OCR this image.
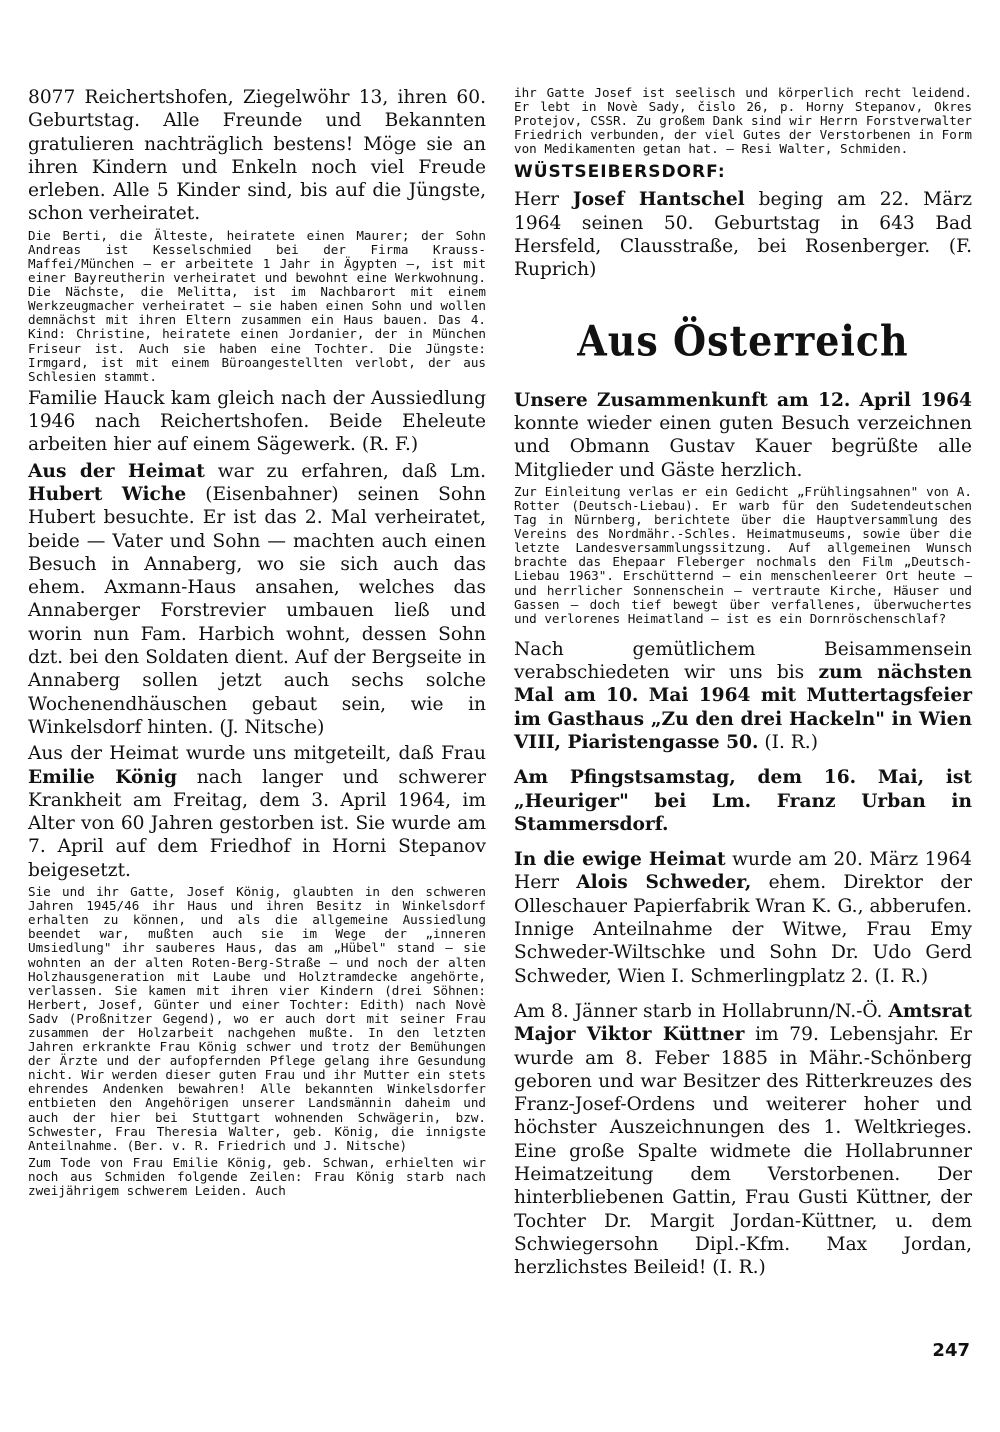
8077 Reichertshofen, Ziegelwöhr 13, ihren 60. Geburtstag. Alle Freunde und Bekannten gratulieren nachträglich bestens! Möge sie an ihren Kindern und Enkeln noch viel Freude erleben. Alle 5 Kinder sind, bis auf die Jüngste, schon verheiratet.

Die Berti, die Älteste, heiratete einen Maurer; der Sohn Andreas ist Kesselschmied bei der Firma Krauss-Maffei/München — er arbeitete 1 Jahr in Ägypten —, ist mit einer Bayreutherin verheiratet und bewohnt eine Werkwohnung. Die Nächste, die Melitta, ist im Nachbarort mit einem Werkzeugmacher verheiratet — sie haben einen Sohn und wollen demnächst mit ihren Eltern zusammen ein Haus bauen. Das 4. Kind: Christine, heiratete einen Jordanier, der in München Friseur ist. Auch sie haben eine Tochter. Die Jüngste: Irmgard, ist mit einem Büroangestellten verlobt, der aus Schlesien stammt.

Familie Hauck kam gleich nach der Aussiedlung 1946 nach Reichertshofen. Beide Eheleute arbeiten hier auf einem Sägewerk. (R. F.)

Aus der Heimat war zu erfahren, daß Lm. Hubert Wiche (Eisenbahner) seinen Sohn Hubert besuchte. Er ist das 2. Mal verheiratet, beide — Vater und Sohn — machten auch einen Besuch in Annaberg, wo sie sich auch das ehem. Axmann-Haus ansahen, welches das Annaberger Forstrevier umbauen ließ und worin nun Fam. Harbich wohnt, dessen Sohn dzt. bei den Soldaten dient. Auf der Bergseite in Annaberg sollen jetzt auch sechs solche Wochenendhäuschen gebaut sein, wie in Winkelsdorf hinten. (J. Nitsche)

Aus der Heimat wurde uns mitgeteilt, daß Frau Emilie König nach langer und schwerer Krankheit am Freitag, dem 3. April 1964, im Alter von 60 Jahren gestorben ist. Sie wurde am 7. April auf dem Friedhof in Horni Stepanov beigesetzt.

Sie und ihr Gatte, Josef König, glaubten in den schweren Jahren 1945/46 ihr Haus und ihren Besitz in Winkelsdorf erhalten zu können, und als die allgemeine Aussiedlung beendet war, mußten auch sie im Wege der „inneren Umsiedlung" ihr sauberes Haus, das am „Hübel" stand — sie wohnten an der alten Roten-Berg-Straße — und noch der alten Holzhausgeneration mit Laube und Holztramdecke angehörte, verlassen. Sie kamen mit ihren vier Kindern (drei Söhnen: Herbert, Josef, Günter und einer Tochter: Edith) nach Novè Sadv (Proßnitzer Gegend), wo er auch dort mit seiner Frau zusammen der Holzarbeit nachgehen mußte. In den letzten Jahren erkrankte Frau König schwer und trotz der Bemühungen der Ärzte und der aufopfernden Pflege gelang ihre Gesundung nicht. Wir werden dieser guten Frau und ihr Mutter ein stets ehrendes Andenken bewahren! Alle bekannten Winkelsdorfer entbieten den Angehörigen unserer Landsmännin daheim und auch der hier bei Stuttgart wohnenden Schwägerin, bzw. Schwester, Frau Theresia Walter, geb. König, die innigste Anteilnahme. (Ber. v. R. Friedrich und J. Nitsche)

Zum Tode von Frau Emilie König, geb. Schwan, erhielten wir noch aus Schmiden folgende Zeilen: Frau König starb nach zweijährigem schwerem Leiden. Auch

ihr Gatte Josef ist seelisch und körperlich recht leidend. Er lebt in Novè Sady, čislo 26, p. Horny Stepanov, Okres Protejov, CSSR. Zu großem Dank sind wir Herrn Forstverwalter Friedrich verbunden, der viel Gutes der Verstorbenen in Form von Medikamenten getan hat. — Resi Walter, Schmiden.

WÜSTSEIBERSDORF:

Herr Josef Hantschel beging am 22. März 1964 seinen 50. Geburtstag in 643 Bad Hersfeld, Clausstraße, bei Rosenberger. (F. Ruprich)

Aus Österreich

Unsere Zusammenkunft am 12. April 1964 konnte wieder einen guten Besuch verzeichnen und Obmann Gustav Kauer begrüßte alle Mitglieder und Gäste herzlich.

Zur Einleitung verlas er ein Gedicht „Frühlingsahnen" von A. Rotter (Deutsch-Liebau). Er warb für den Sudetendeutschen Tag in Nürnberg, berichtete über die Hauptversammlung des Vereins des Nordmähr.-Schles. Heimatmuseums, sowie über die letzte Landesversammlungssitzung. Auf allgemeinen Wunsch brachte das Ehepaar Fleberger nochmals den Film „Deutsch-Liebau 1963". Erschütternd — ein menschenleerer Ort heute — und herrlicher Sonnenschein — vertraute Kirche, Häuser und Gassen — doch tief bewegt über verfallenes, überwuchertes und verlorenes Heimatland — ist es ein Dornröschenschlaf?

Nach gemütlichem Beisammensein verabschiedeten wir uns bis zum nächsten Mal am 10. Mai 1964 mit Muttertagsfeier im Gasthaus „Zu den drei Hackeln" in Wien VIII, Piaristengasse 50. (I. R.)

Am Pfingstsamstag, dem 16. Mai, ist „Heuriger" bei Lm. Franz Urban in Stammersdorf.

In die ewige Heimat wurde am 20. März 1964 Herr Alois Schweder, ehem. Direktor der Olleschauer Papierfabrik Wran K. G., abberufen. Innige Anteilnahme der Witwe, Frau Emy Schweder-Wiltschke und Sohn Dr. Udo Gerd Schweder, Wien I. Schmerlingplatz 2. (I. R.)

Am 8. Jänner starb in Hollabrunn/N.-Ö. Amtsrat Major Viktor Küttner im 79. Lebensjahr. Er wurde am 8. Feber 1885 in Mähr.-Schönberg geboren und war Besitzer des Ritterkreuzes des Franz-Josef-Ordens und weiterer hoher und höchster Auszeichnungen des 1. Weltkrieges. Eine große Spalte widmete die Hollabrunner Heimatzeitung dem Verstorbenen. Der hinterbliebenen Gattin, Frau Gusti Küttner, der Tochter Dr. Margit Jordan-Küttner, u. dem Schwiegersohn Dipl.-Kfm. Max Jordan, herzlichstes Beileid! (I. R.)

247
